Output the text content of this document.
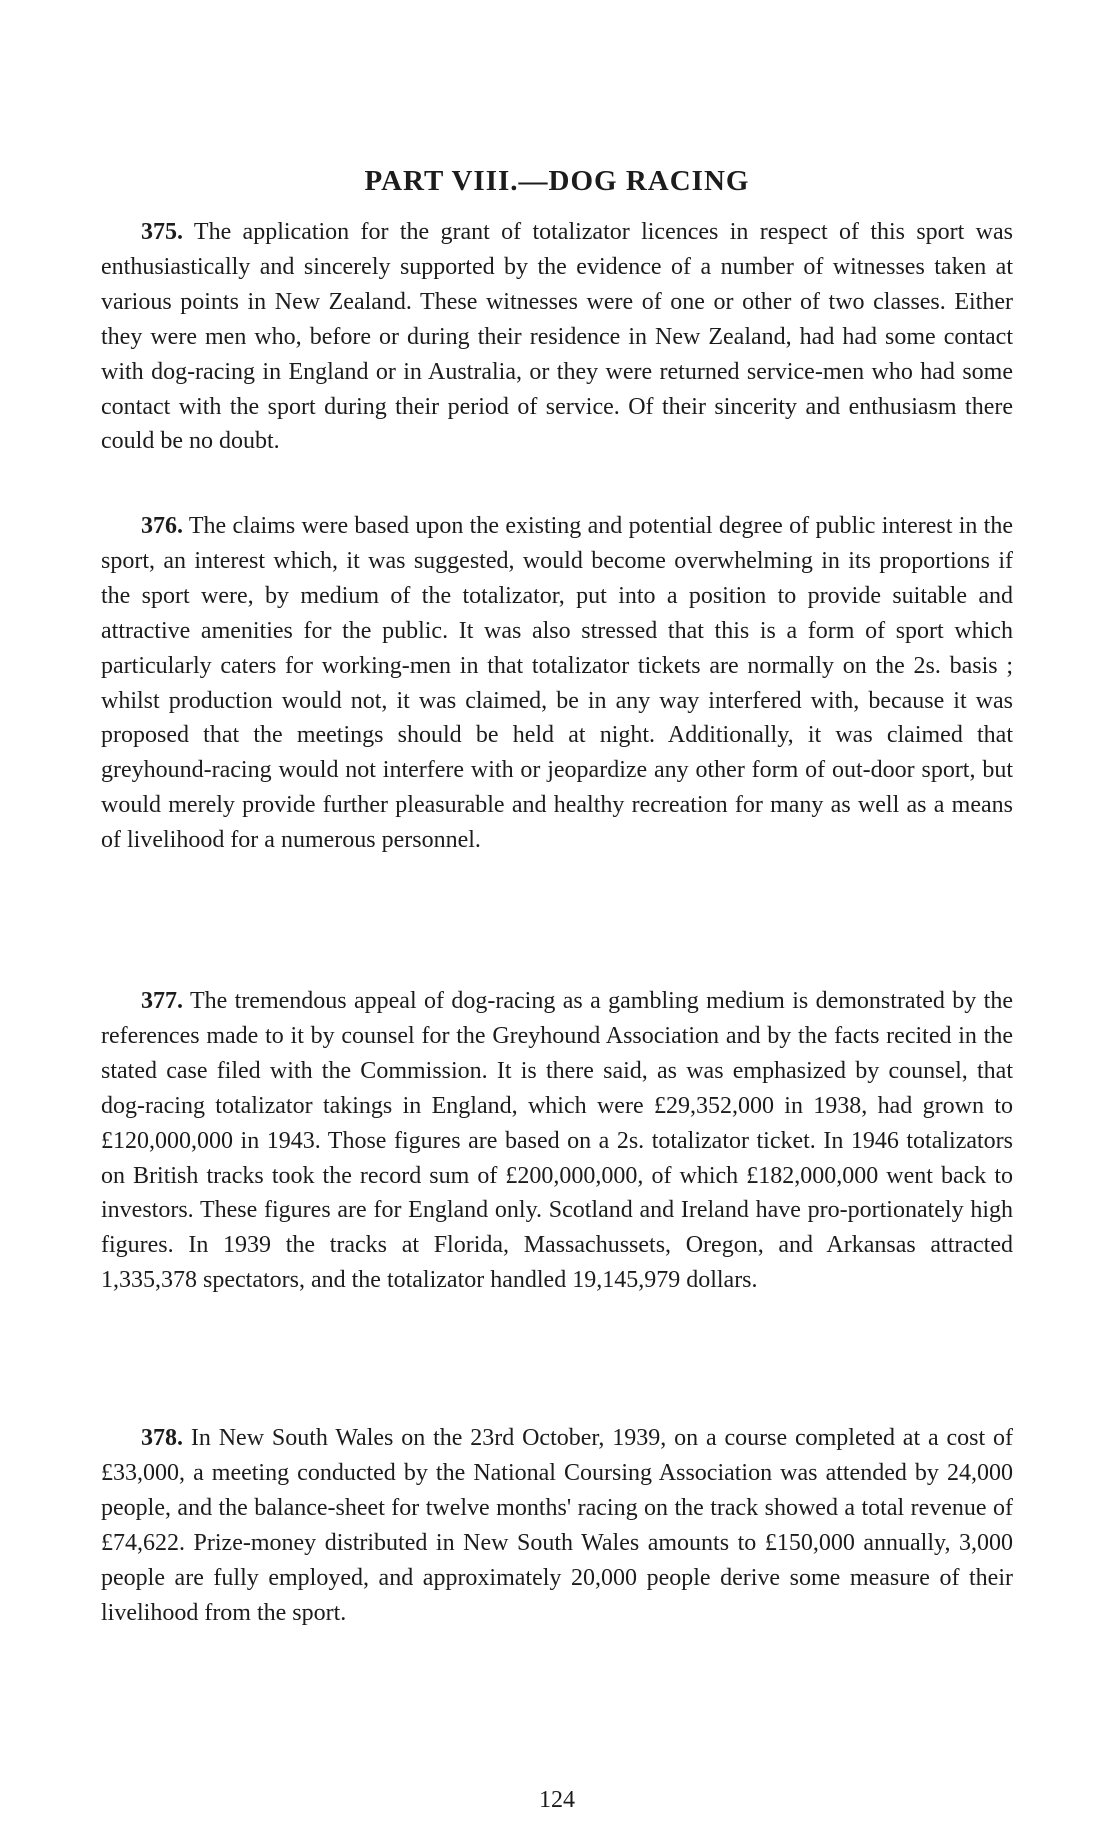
PART VIII.—DOG RACING

375. The application for the grant of totalizator licences in respect of this sport was enthusiastically and sincerely supported by the evidence of a number of witnesses taken at various points in New Zealand. These witnesses were of one or other of two classes. Either they were men who, before or during their residence in New Zealand, had had some contact with dog-racing in England or in Australia, or they were returned service-men who had some contact with the sport during their period of service. Of their sincerity and enthusiasm there could be no doubt.

376. The claims were based upon the existing and potential degree of public interest in the sport, an interest which, it was suggested, would become overwhelming in its proportions if the sport were, by medium of the totalizator, put into a position to provide suitable and attractive amenities for the public. It was also stressed that this is a form of sport which particularly caters for working-men in that totalizator tickets are normally on the 2s. basis ; whilst production would not, it was claimed, be in any way interfered with, because it was proposed that the meetings should be held at night. Additionally, it was claimed that greyhound-racing would not interfere with or jeopardize any other form of out-door sport, but would merely provide further pleasurable and healthy recreation for many as well as a means of livelihood for a numerous personnel.

377. The tremendous appeal of dog-racing as a gambling medium is demonstrated by the references made to it by counsel for the Greyhound Association and by the facts recited in the stated case filed with the Commission. It is there said, as was emphasized by counsel, that dog-racing totalizator takings in England, which were £29,352,000 in 1938, had grown to £120,000,000 in 1943. Those figures are based on a 2s. totalizator ticket. In 1946 totalizators on British tracks took the record sum of £200,000,000, of which £182,000,000 went back to investors. These figures are for England only. Scotland and Ireland have pro-portionately high figures. In 1939 the tracks at Florida, Massachussets, Oregon, and Arkansas attracted 1,335,378 spectators, and the totalizator handled 19,145,979 dollars.

378. In New South Wales on the 23rd October, 1939, on a course completed at a cost of £33,000, a meeting conducted by the National Coursing Association was attended by 24,000 people, and the balance-sheet for twelve months' racing on the track showed a total revenue of £74,622. Prize-money distributed in New South Wales amounts to £150,000 annually, 3,000 people are fully employed, and approximately 20,000 people derive some measure of their livelihood from the sport.

124
